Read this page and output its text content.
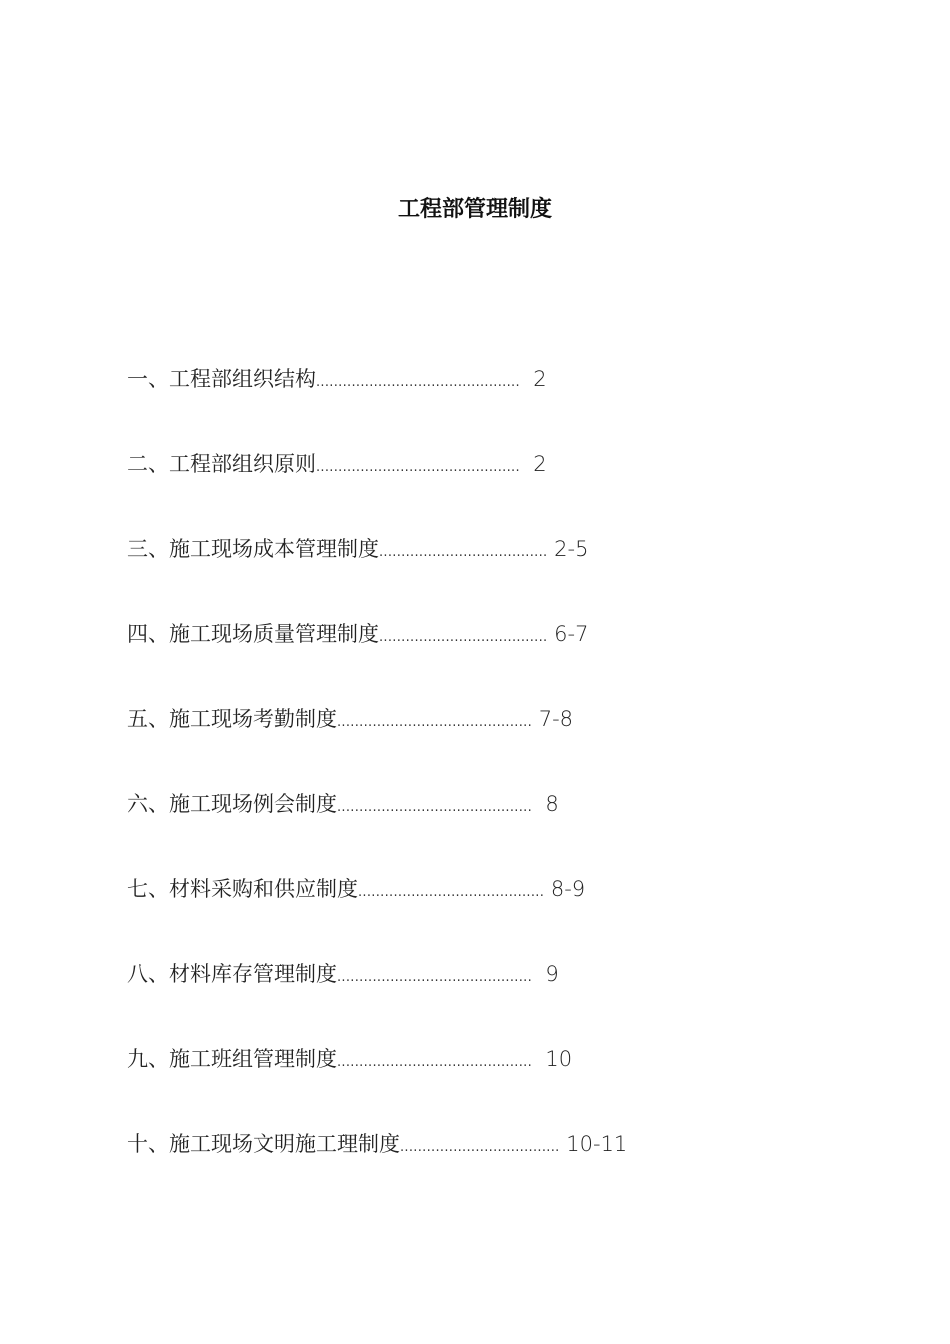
工程部管理制度
一、工程部组织结构.............................................. 2
二、工程部组织原则.............................................. 2
三、施工现场成本管理制度...................................... 2-5
四、施工现场质量管理制度...................................... 6-7
五、施工现场考勤制度............................................ 7-8
六、施工现场例会制度............................................ 8
七、材料采购和供应制度.......................................... 8-9
八、材料库存管理制度............................................ 9
九、施工班组管理制度............................................ 10
十、施工现场文明施工理制度.................................... 10-11
